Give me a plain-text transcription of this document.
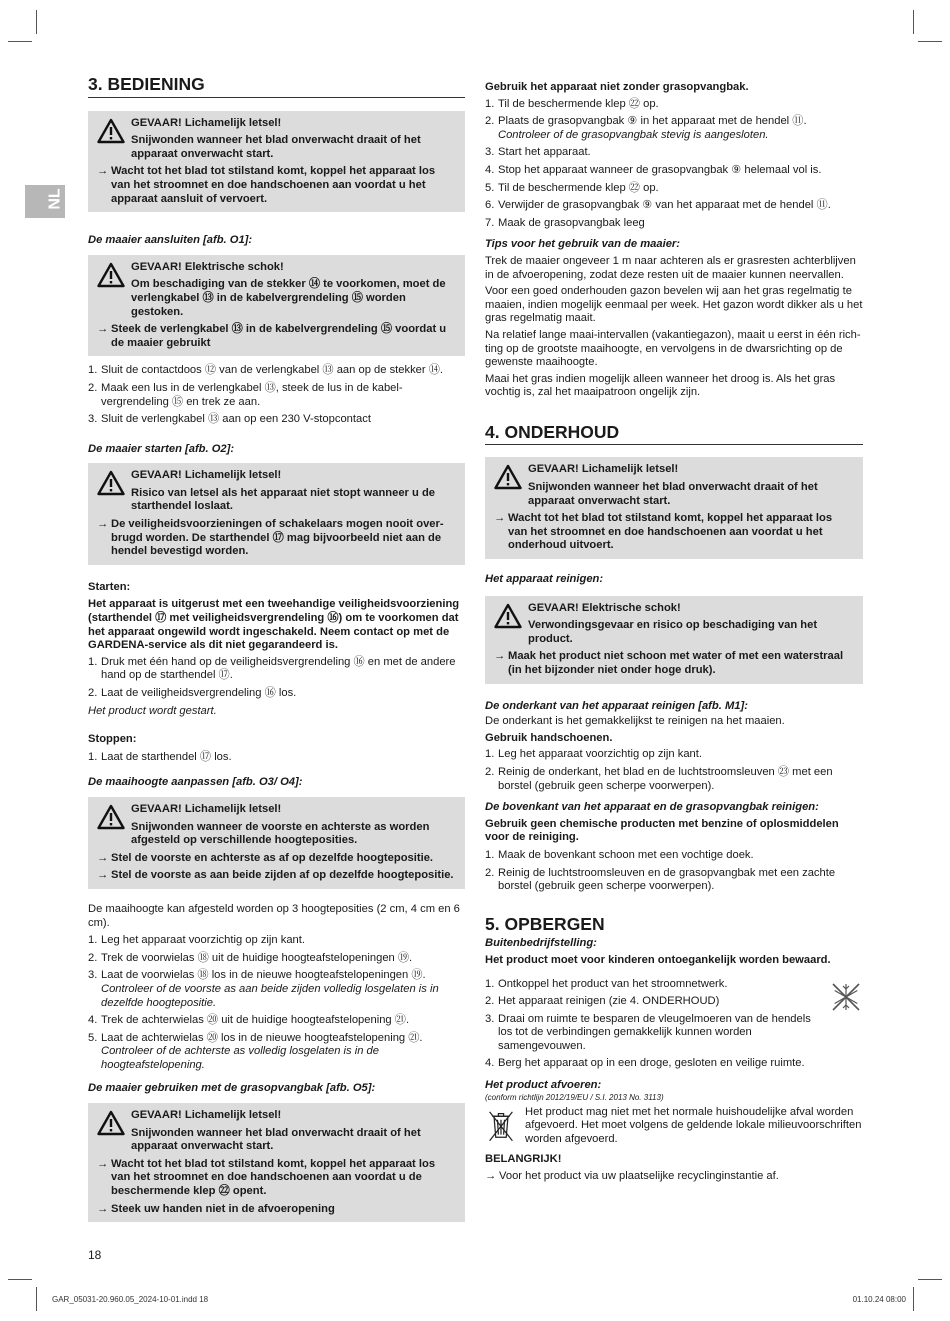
NL
3. BEDIENING
GEVAAR! Lichamelijk letsel!
Snijwonden wanneer het blad onverwacht draait of het apparaat onverwacht start.
→ Wacht tot het blad tot stilstand komt, koppel het apparaat los van het stroomnet en doe handschoenen aan voordat u het apparaat aansluit of vervoert.

De maaier aansluiten [afb. O1]:

GEVAAR! Elektrische schok!
Om beschadiging van de stekker ⑭ te voorkomen, moet de verlengkabel ⑬ in de kabelvergrendeling ⑮ worden gestoken.
→ Steek de verlengkabel ⑬ in de kabelvergrendeling ⑮ voordat u de maaier gebruikt
1. Sluit de contactdoos ⑫ van de verlengkabel ⑬ aan op de stekker ⑭.
2. Maak een lus in de verlengkabel ⑬, steek de lus in de kabelvergrendeling ⑮ en trek ze aan.
3. Sluit de verlengkabel ⑬ aan op een 230 V-stopcontact

De maaier starten [afb. O2]:

GEVAAR! Lichamelijk letsel!
Risico van letsel als het apparaat niet stopt wanneer u de starthendel loslaat.
→ De veiligheidsvoorzieningen of schakelaars mogen nooit overbrugd worden. De starthendel ⑰ mag bijvoorbeeld niet aan de hendel bevestigd worden.

Starten:

Het apparaat is uitgerust met een tweehandige veiligheidsvoorziening (starthendel ⑰ met veiligheidsvergrendeling ⑯) om te voorkomen dat het apparaat ongewild wordt ingeschakeld. Neem contact op met de GARDENA-service als dit niet gegarandeerd is.

1. Druk met één hand op de veiligheidsvergrendeling ⑯ en met de andere hand op de starthendel ⑰.
2. Laat de veiligheidsvergrendeling ⑯ los.

Het product wordt gestart.

Stoppen:

1. Laat de starthendel ⑰ los.

De maaihoogte aanpassen [afb. O3/ O4]:

GEVAAR! Lichamelijk letsel!
Snijwonden wanneer de voorste en achterste as worden afgesteld op verschillende hoogteposities.
→ Stel de voorste en achterste as af op dezelfde hoogtepositie.
→ Stel de voorste as aan beide zijden af op dezelfde hoogtepositie.

De maaihoogte kan afgesteld worden op 3 hoogteposities (2 cm, 4 cm en 6 cm).

1. Leg het apparaat voorzichtig op zijn kant.
2. Trek de voorwielas ⑱ uit de huidige hoogteafstelopeningen ⑲.
3. Laat de voorwielas ⑱ los in de nieuwe hoogteafstelopeningen ⑲.
Controleer of de voorste as aan beide zijden volledig losgelaten is in dezelfde hoogtepositie.
4. Trek de achterwielas ⑳ uit de huidige hoogteafstelopening ㉑.
5. Laat de achterwielas ⑳ los in de nieuwe hoogteafstelopening ㉑.
Controleer of de achterste as volledig losgelaten is in de hoogteafstelopening.

De maaier gebruiken met de grasopvangbak [afb. O5]:

GEVAAR! Lichamelijk letsel!
Snijwonden wanneer het blad onverwacht draait of het apparaat onverwacht start.
→ Wacht tot het blad tot stilstand komt, koppel het apparaat los van het stroomnet en doe handschoenen aan voordat u de beschermende klep ㉒ opent.
→ Steek uw handen niet in de afvoeropening

Gebruik het apparaat niet zonder grasopvangbak.

1. Til de beschermende klep ㉒ op.
2. Plaats de grasopvangbak ⑨ in het apparaat met de hendel ⑪.
Controleer of de grasopvangbak stevig is aangesloten.
3. Start het apparaat.
4. Stop het apparaat wanneer de grasopvangbak ⑨ helemaal vol is.
5. Til de beschermende klep ㉒ op.
6. Verwijder de grasopvangbak ⑨ van het apparaat met de hendel ⑪.
7. Maak de grasopvangbak leeg

Tips voor het gebruik van de maaier:

Trek de maaier ongeveer 1 m naar achteren als er grasresten achterblijven in de afvoeropening, zodat deze resten uit de maaier kunnen neervallen.

Voor een goed onderhouden gazon bevelen wij aan het gras regelmatig te maaien, indien mogelijk eenmaal per week. Het gazon wordt dikker als u het gras regelmatig maait.

Na relatief lange maai-intervallen (vakantiegazon), maait u eerst in één richting op de grootste maaihoogte, en vervolgens in de dwarsrichting op de gewenste maaihoogte.

Maai het gras indien mogelijk alleen wanneer het droog is. Als het gras vochtig is, zal het maaipatroon ongelijk zijn.

4. ONDERHOUD
GEVAAR! Lichamelijk letsel!
Snijwonden wanneer het blad onverwacht draait of het apparaat onverwacht start.
→ Wacht tot het blad tot stilstand komt, koppel het apparaat los van het stroomnet en doe handschoenen aan voordat u het onderhoud uitvoert.

Het apparaat reinigen:

GEVAAR! Elektrische schok!
Verwondingsgevaar en risico op beschadiging van het product.
→ Maak het product niet schoon met water of met een waterstraal (in het bijzonder niet onder hoge druk).

De onderkant van het apparaat reinigen [afb. M1]:

De onderkant is het gemakkelijkst te reinigen na het maaien.

Gebruik handschoenen.

1. Leg het apparaat voorzichtig op zijn kant.
2. Reinig de onderkant, het blad en de luchtstroomsleuven ㉓ met een borstel (gebruik geen scherpe voorwerpen).

De bovenkant van het apparaat en de grasopvangbak reinigen:

Gebruik geen chemische producten met benzine of oplosmiddelen voor de reiniging.

1. Maak de bovenkant schoon met een vochtige doek.
2. Reinig de luchtstroomsleuven en de grasopvangbak met een zachte borstel (gebruik geen scherpe voorwerpen).
5. OPBERGEN

Buitenbedrijfstelling:

Het product moet voor kinderen ontoegankelijk worden bewaard.

1. Ontkoppel het product van het stroomnetwerk.
2. Het apparaat reinigen (zie 4. ONDERHOUD)
3. Draai om ruimte te besparen de vleugelmoeren van de hendels los tot de verbindingen gemakkelijk kunnen worden samengevouwen.
4. Berg het apparaat op in een droge, gesloten en veilige ruimte.

Het product afvoeren:

(conform richtlijn 2012/19/EU / S.I. 2013 No. 3113)

Het product mag niet met het normale huishoudelijke afval worden afgevoerd. Het moet volgens de geldende lokale milieuvoorschriften worden afgevoerd.

BELANGRIJK!

→ Voor het product via uw plaatselijke recyclinginstantie af.
18
GAR_05031-20.960.05_2024-10-01.indd 18	01.10.24 08:00
